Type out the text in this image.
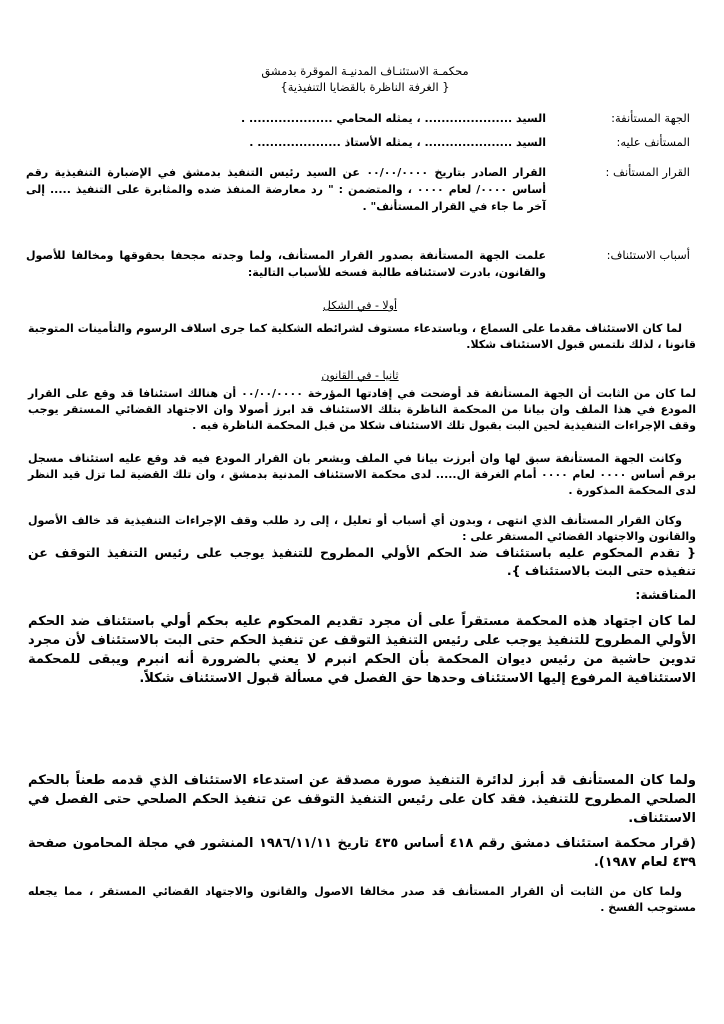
محكمـة الاستئنـاف المدنيـة الموقرة بدمشق
{ الغرفة الناظرة بالقضايا التنفيذية}
الجهة المستأنفة:
السيد ..................... ، يمثله المحامي .................... .
المستأنف عليه:
السيد ..................... ، يمثله الأستاذ .................... .
القرار المستأنف :
القرار الصادر بتاريخ ٠٠/٠٠/٠٠٠٠ عن السيد رئيس التنفيذ بدمشق في الإضبارة التنفيذية رقم أساس ٠٠٠٠/ لعام ٠٠٠٠ ، والمتضمن : " رد معارضة المنفذ ضده والمثابرة على التنفيذ ..... إلى آخر ما جاء في القرار المستأنف" .
أسباب الاستئناف:
علمت الجهة المستأنفة بصدور القرار المستأنف، ولما وجدته مجحفا بحقوقها ومخالفا للأصول والقانون، بادرت لاستئنافه طالبة فسخه للأسباب التالية:
أولا - في الشكل
لما كان الاستئناف مقدما على السماع ، وباستدعاء مستوف لشرائطه الشكلية كما جرى اسلاف الرسوم والتأمينات المتوجبة قانونا ، لذلك نلتمس قبول الاستئناف شكلا.
ثانيا - في القانون
لما كان من الثابت أن الجهة المستأنفة قد أوضحت في إفادتها المؤرخة ٠٠/٠٠/٠٠٠٠ أن هنالك استئنافا قد وقع على القرار المودع في هذا الملف وان بيانا من المحكمة الناظرة بتلك الاستئناف قد ابرز أصولا وان الاجتهاد القضائي المستقر يوجب وقف الإجراءات التنفيذية لحين البت بقبول تلك الاستئناف شكلا من قبل المحكمة الناظرة فيه .
وكانت الجهة المستأنفة سبق لها وان أبرزت بيانا في الملف وبشعر بان القرار المودع فيه قد وقع عليه استئناف مسجل برقم أساس ٠٠٠٠ لعام ٠٠٠٠ أمام الغرفة ال..... لدى محكمة الاستئناف المدنية بدمشق ، وان تلك القضية لما تزل قيد النظر لدى المحكمة المذكورة .
وكان القرار المستأنف الذي انتهى ، وبدون أي أسباب أو تعليل ، إلى رد طلب وقف الإجراءات التنفيذية قد خالف الأصول والقانون والاجتهاد القضائي المستقر على :
{ تقدم المحكوم عليه باستئناف ضد الحكم الأولي المطروح للتنفيذ يوجب على رئيس التنفيذ التوقف عن تنفيذه حتى البت بالاستئناف }.
المناقشة:
لما كان اجتهاد هذه المحكمة مستقراً على أن مجرد تقديم المحكوم عليه بحكم أولي باستئناف ضد الحكم الأولي المطروح للتنفيذ يوجب على رئيس التنفيذ التوقف عن تنفيذ الحكم حتى البت بالاستئناف لأن مجرد تدوين حاشية من رئيس ديوان المحكمة بأن الحكم انبرم لا يعني بالضرورة أنه انبرم ويبقى للمحكمة الاستئنافية المرفوع إليها الاستئناف وحدها حق الفصل في مسألة قبول الاستئناف شكلاً.
ولما كان المستأنف قد أبرز لدائرة التنفيذ صورة مصدقة عن استدعاء الاستئناف الذي قدمه طعناً بالحكم الصلحي المطروح للتنفيذ. فقد كان على رئيس التنفيذ التوقف عن تنفيذ الحكم الصلحي حتى الفصل في الاستئناف.
(قرار محكمة استئناف دمشق رقم ٤١٨ أساس ٤٣٥ تاريخ ١٩٨٦/١١/١١ المنشور في مجلة المحامون صفحة ٤٣٩ لعام ١٩٨٧).
ولما كان من الثابت أن القرار المستأنف قد صدر مخالفا الاصول والقانون والاجتهاد القضائي المستقر ، مما يجعله مستوجب الفسخ .
